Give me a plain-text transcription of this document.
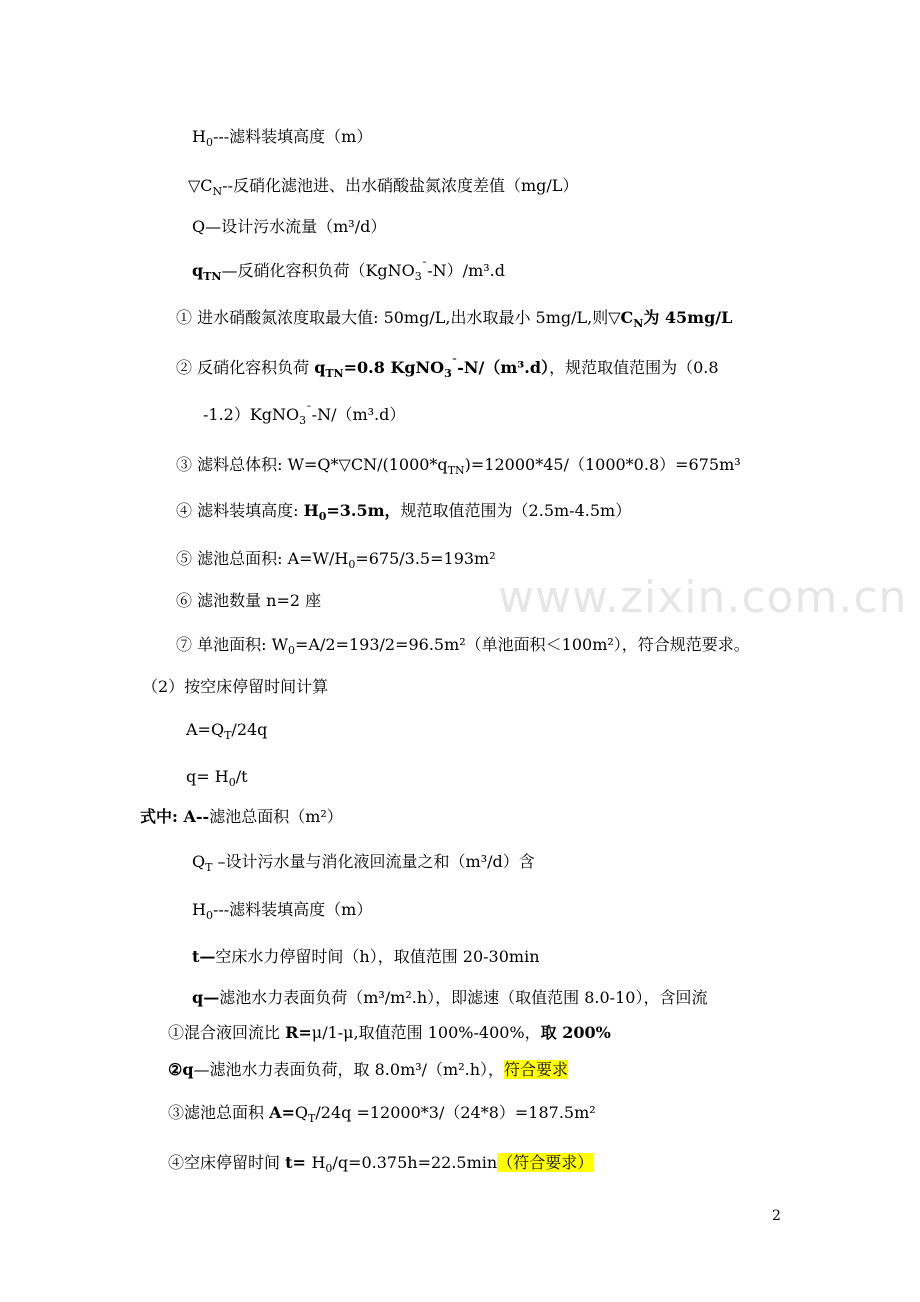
www.zixin.com.cn
$H_0---$滤料装填高度（m）
$▽C_N--$反硝化滤池进、出水硝酸盐氮浓度差值（mg/L）
Q—设计污水流量（m³/d）
$q_{TN}—$反硝化容积负荷（KgNO$_3$¯-N）/m³.d
① 进水硝酸氮浓度取最大值: 50mg/L,出水取最小 5mg/L,则$▽C_N$为 45mg/L
② 反硝化容积负荷 $q_{TN}=0.8$ KgNO$_3$¯-N/（m³.d），规范取值范围为（0.8
-1.2）KgNO$_3$¯-N/（m³.d）
③ 滤料总体积: $W=Q*▽CN/(1000*q_{TN})=12000*45/(1000*0.8)=675m^3$
④ 滤料装填高度: $H_0=3.5m$，规范取值范围为（2.5m-4.5m）
⑤ 滤池总面积: $A=W/H_0=675/3.5=193m^2$
⑥ 滤池数量 n=2 座
⑦ 单池面积: $W_0=A/2=193/2=96.5m^2$（单池面积＜100m²），符合规范要求。
（2）按空床停留时间计算
$A=Q_T/24q$
$q= H_0/t$
式中: A--滤池总面积（m²）
$Q_T$ –设计污水量与消化液回流量之和（m³/d）含
$H_0---$滤料装填高度（m）
t—空床水力停留时间（h），取值范围 20-30min
q—滤池水力表面负荷（m³/m².h），即滤速（取值范围 8.0-10），含回流
①混合液回流比 R=μ/1-μ,取值范围 100%-400%，取 200%
②q—滤池水力表面负荷，取 8.0m³/（m².h），符合要求
③滤池总面积 $A=Q_T/24q =12000*3/(24*8)=187.5m^2$
④空床停留时间 $t= H_0/q=0.375h=22.5\min$（符合要求）
2
